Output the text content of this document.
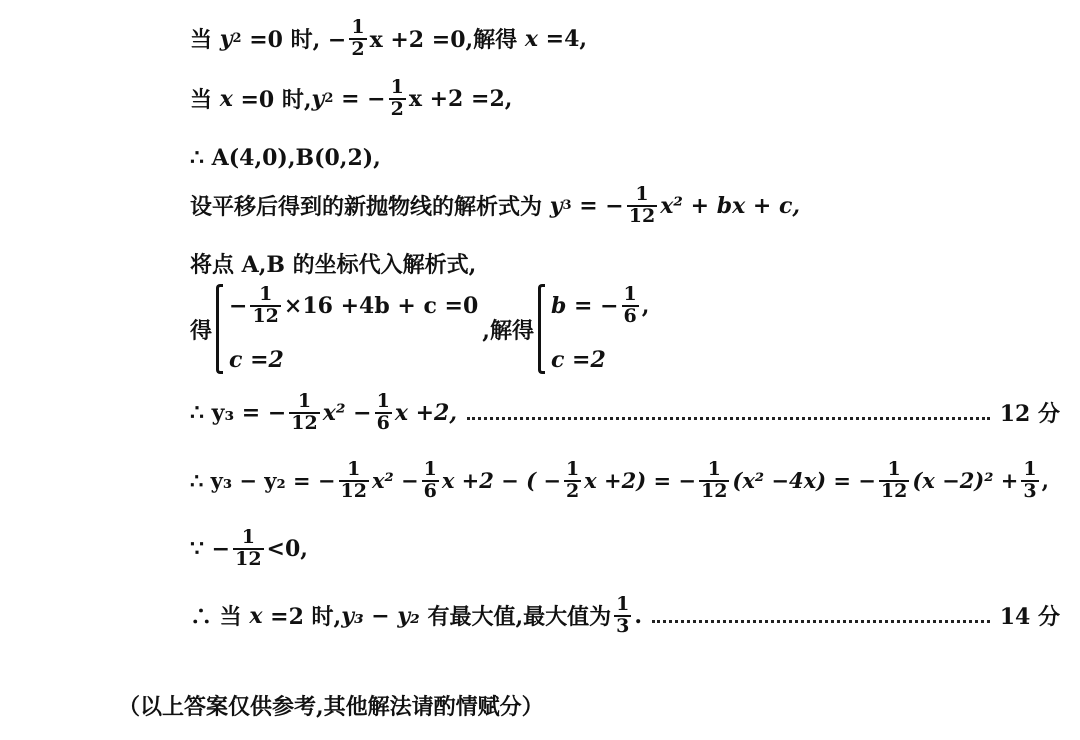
当
y 2
=0 时, − $\frac{1}{2}$ x +2 =0,解得
x
=4,
当
x
=0 时, y 2
= − $\frac{1}{2}$ x +2 =2,
∴ A(4,0),B(0,2),
设平移后得到的新抛物线的解析式为
y 3
= − $\frac{1}{12} x^2$ + bx + c,
将点 A,B 的坐标代入解析式,
得
− $\frac{1}{12} \times 16 +4b + c =0$
c =2
,解得
b = − $\frac{1}{6}$ ,
c =2
∴ y₃ = − $\frac{1}{12} x^2 - \frac{1}{6}$ x +2,	12 分
∴ y₃ − y₂ = − $\frac{1}{12} x^2 - \frac{1}{6}$ x +2 − ( − $\frac{1}{2}$ x +2) = − $\frac{1}{12} (x^2 -4x)$ = − $\frac{1}{12} (x -2)^2 + \frac{1}{3}$ ,
∵ − $\frac{1}{12} <0$,
∴ 当
x
=2 时, y₃ − y₂
有最大值,最大值为 $\frac{1}{3}$ .	14 分
（以上答案仅供参考,其他解法请酌情赋分）
